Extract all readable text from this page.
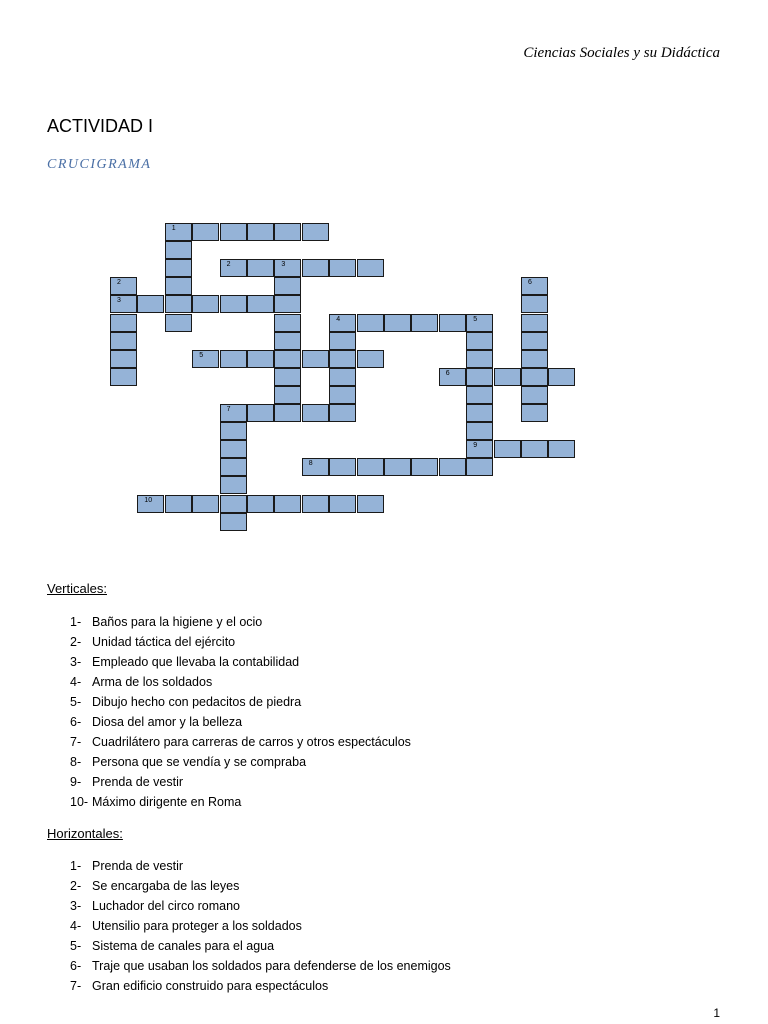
Ciencias Sociales y su Didáctica
ACTIVIDAD I
CRUCIGRAMA
1
2	3
2
3
6
4	5
9
5
6
7
8
10
Verticales:
1- Baños para la higiene y el ocio
2- Unidad táctica del ejército
3- Empleado que llevaba la contabilidad
4- Arma de los soldados
5- Dibujo hecho con pedacitos de piedra
6- Diosa del amor y la belleza
7- Cuadrilátero para carreras de carros y otros espectáculos
8- Persona que se vendía y se compraba
9- Prenda de vestir
10- Máximo dirigente en Roma
Horizontales:
1- Prenda de vestir
2- Se encargaba de las leyes
3- Luchador del circo romano
4- Utensilio para proteger a los soldados
5- Sistema de canales para el agua
6- Traje que usaban los soldados para defenderse de los enemigos
7- Gran edificio construido para espectáculos
1
